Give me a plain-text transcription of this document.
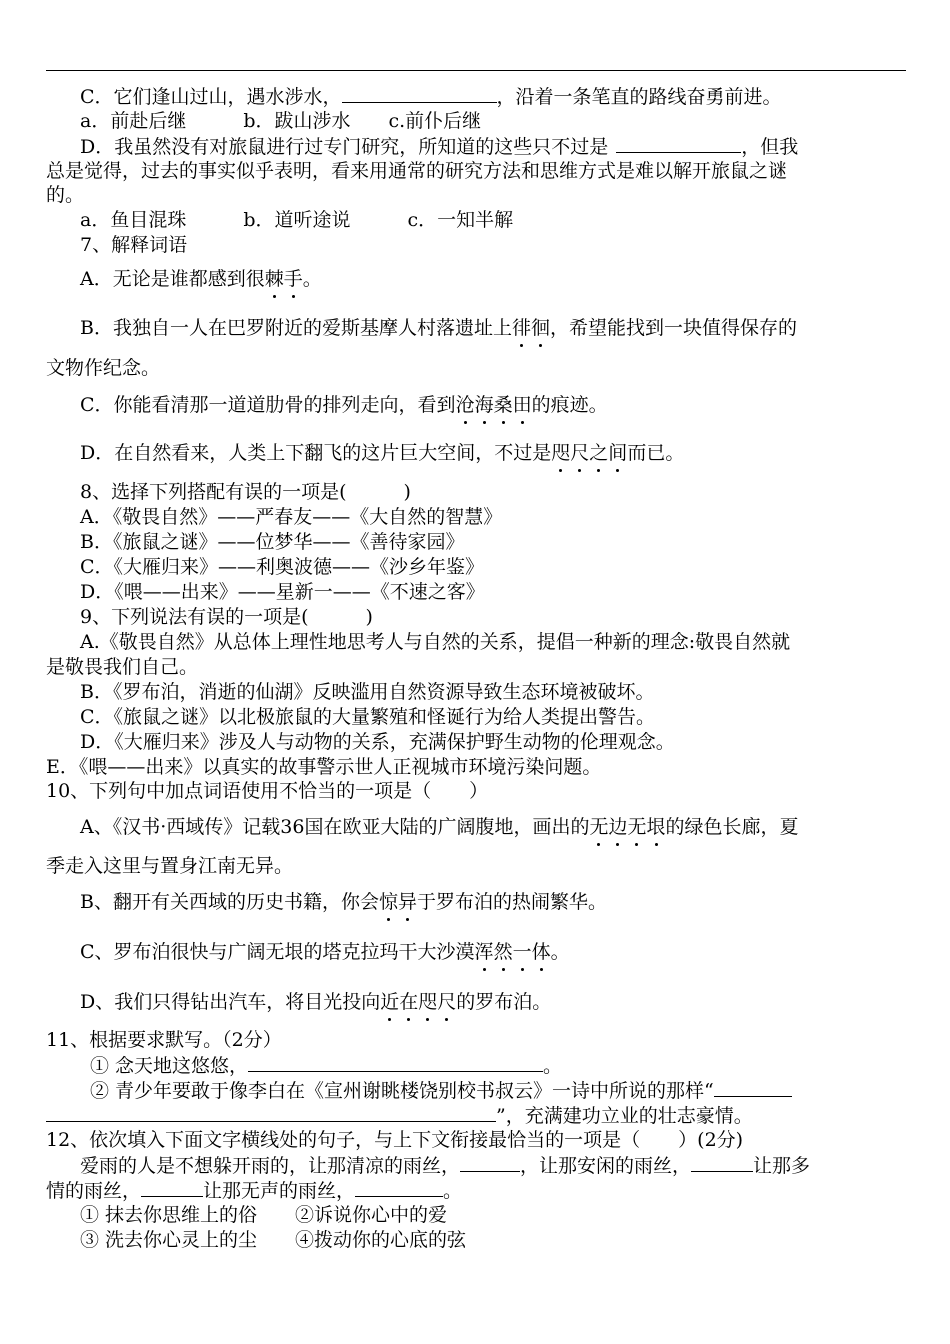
C．它们逢山过山，遇水涉水，	，沿着一条笔直的路线奋勇前进。
a．前赴后继　　　b．跋山涉水　　c.前仆后继
D．我虽然没有对旅鼠进行过专门研究，所知道的这些只不过是	，但我
总是觉得，过去的事实似乎表明，看来用通常的研究方法和思维方式是难以解开旅鼠之谜
的。
a．鱼目混珠　　　b．道听途说　　　c．一知半解
7、解释词语
A．无论是谁都感到很棘手。
B．我独自一人在巴罗附近的爱斯基摩人村落遗址上徘徊，希望能找到一块值得保存的
文物作纪念。
C．你能看清那一道道肋骨的排列走向，看到沧海桑田的痕迹。
D．在自然看来，人类上下翻飞的这片巨大空间，不过是咫尺之间而已。
8、选择下列搭配有误的一项是(　　　)
A．《敬畏自然》——严春友——《大自然的智慧》
B．《旅鼠之谜》——位梦华——《善待家园》
C．《大雁归来》——利奥波德——《沙乡年鉴》
D．《喂——出来》——星新一——《不速之客》
9、下列说法有误的一项是(　　　)
A.《敬畏自然》从总体上理性地思考人与自然的关系，提倡一种新的理念:敬畏自然就
是敬畏我们自己。
B．《罗布泊，消逝的仙湖》反映滥用自然资源导致生态环境被破坏。
C．《旅鼠之谜》以北极旅鼠的大量繁殖和怪诞行为给人类提出警告。
D．《大雁归来》涉及人与动物的关系，充满保护野生动物的伦理观念。
E．《喂——出来》以真实的故事警示世人正视城市环境污染问题。
10、下列句中加点词语使用不恰当的一项是（　　）
A、《汉书·西域传》记载36国在欧亚大陆的广阔腹地，画出的无边无垠的绿色长廊，夏
季走入这里与置身江南无异。
B、翻开有关西域的历史书籍，你会惊异于罗布泊的热闹繁华。
C、罗布泊很快与广阔无垠的塔克拉玛干大沙漠浑然一体。
D、我们只得钻出汽车，将目光投向近在咫尺的罗布泊。
11、根据要求默写。（2分）
① 念天地这悠悠，	。
② 青少年要敢于像李白在《宣州谢眺楼饶别校书叔云》一诗中所说的那样“
”，充满建功立业的壮志豪情。
12、依次填入下面文字横线处的句子，与上下文衔接最恰当的一项是（　　）(2分)
爱雨的人是不想躲开雨的，让那清凉的雨丝，	，让那安闲的雨丝，	让那多
情的雨丝，	让那无声的雨丝，	。
① 抹去你思维上的俗　　②诉说你心中的爱
③ 洗去你心灵上的尘　　④拨动你的心底的弦
